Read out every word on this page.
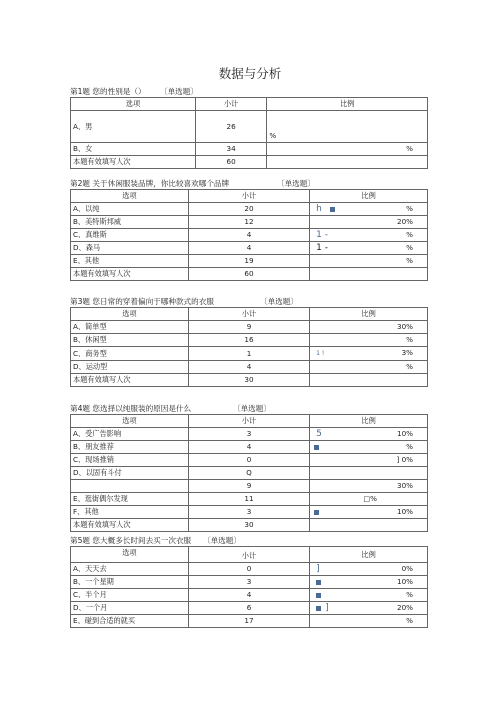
数据与分析
第1题 您的性别是（） 〔单选题〕
选项	小计	比例
A、男	26	%
B、女	34	%

本题有效填写人次	60	
第2题 关于休闲服装品牌，你比较喜欢哪个品牌	〔单选题〕
选项	小计	比例
A、以纯	20	h %

B、美特斯邦威	12	20%

C、真维斯	4	1 - %

D、森马	4	1 - %

E、其他	19	%

本题有效填写人次	60	
第3题 您日常的穿着偏向于哪种款式的衣服	〔单选题〕
选项	小计	比例
A、简单型	9	30%

B、休闲型	16	%

C、商务型	1	1 ! 3%

D、运动型	4	%

本题有效填写人次	30	
第4题 您选择以纯服装的原因是什么	〔单选题〕
选项	小计	比例
A、受广告影响	3	5 10%

B、朋友推荐	4	%

C、现场推销	0	] 0%

D、以固有斗付	Q	

	9	30%

E、逛街偶尔发现	11	□%

F、其他	3	10%

本题有效填写人次	30	
第5题 您大概多长时间去买一次衣服 〔单选题〕
选项	小计	比例
A、天天去	0	] 0%

B、一个星期	3	10%

C、半个月	4	%

D、一个月	6	] 20%

E、碰到合适的就买	17	%
